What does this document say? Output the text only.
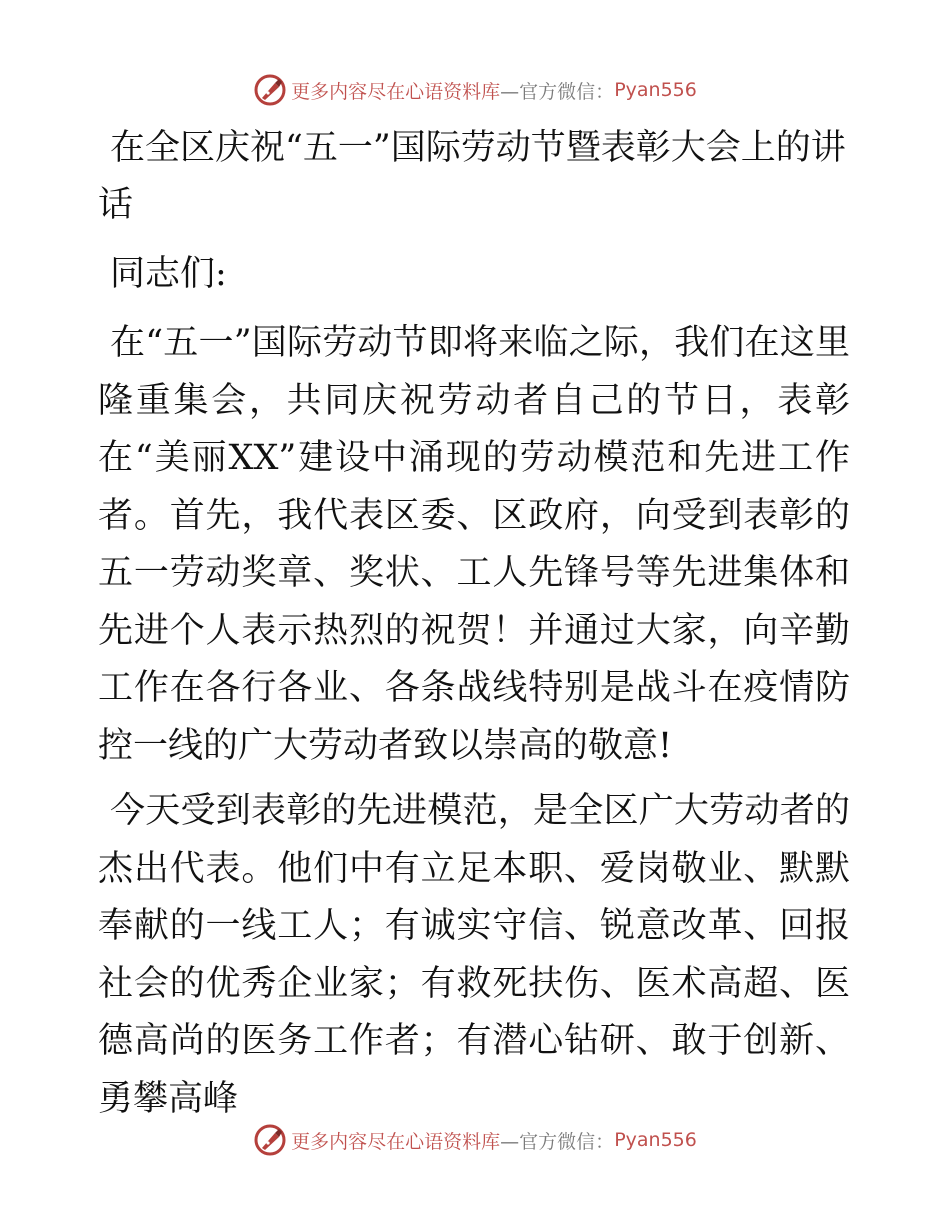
更多内容尽在心语资料库 —官方微信： Pyan556
在全区庆祝“五一”国际劳动节暨表彰大会上的讲话

同志们:

在“五一”国际劳动节即将来临之际，我们在这里隆重集会，共同庆祝劳动者自己的节日，表彰在“美丽XX”建设中涌现的劳动模范和先进工作者。首先，我代表区委、区政府，向受到表彰的五一劳动奖章、奖状、工人先锋号等先进集体和先进个人表示热烈的祝贺！并通过大家，向辛勤工作在各行各业、各条战线特别是战斗在疫情防控一线的广大劳动者致以崇高的敬意!

今天受到表彰的先进模范，是全区广大劳动者的杰出代表。他们中有立足本职、爱岗敬业、默默奉献的一线工人；有诚实守信、锐意改革、回报社会的优秀企业家；有救死扶伤、医术高超、医德高尚的医务工作者；有潜心钻研、敢于创新、勇攀高峰

更多内容尽在心语资料库 —官方微信： Pyan556
